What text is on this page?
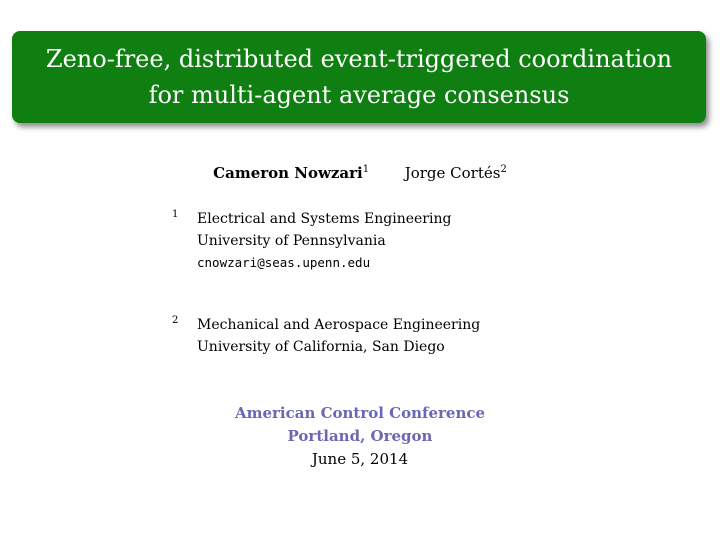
Zeno-free, distributed event-triggered coordination
for multi-agent average consensus
Cameron Nowzari$^1$ Jorge Cortés$^2$
1 Electrical and Systems Engineering
University of Pennsylvania
cnowzari@seas.upenn.edu
2 Mechanical and Aerospace Engineering
University of California, San Diego
American Control Conference
Portland, Oregon
June 5, 2014
